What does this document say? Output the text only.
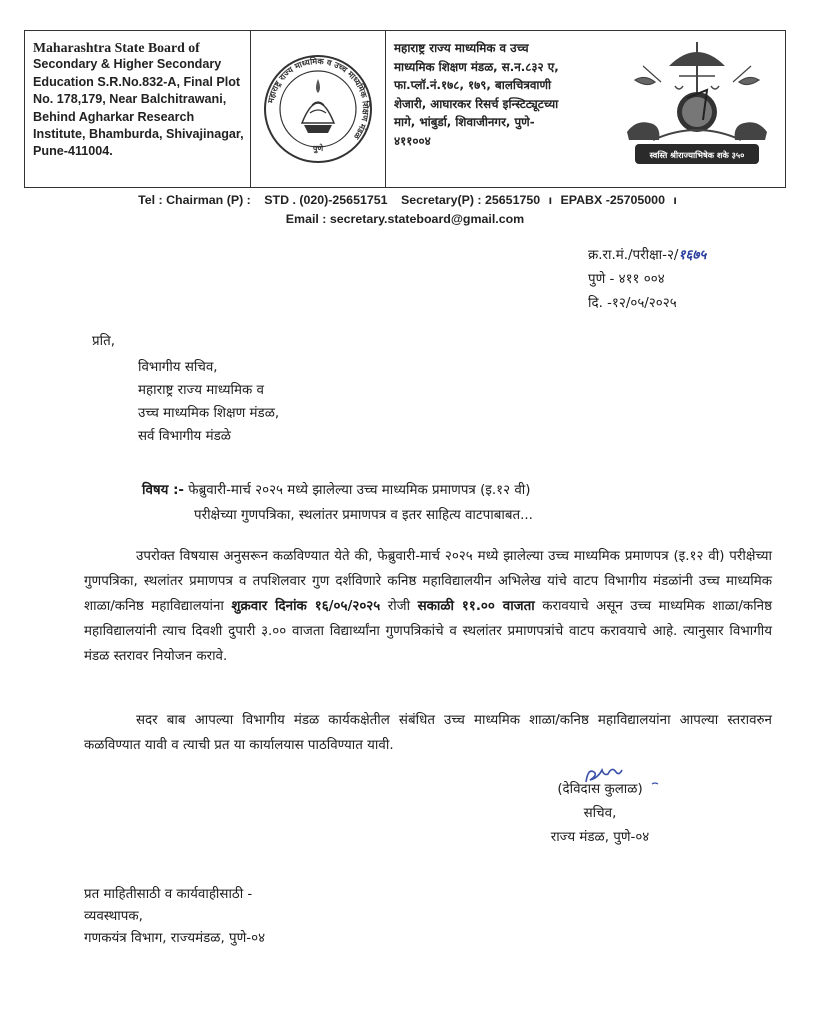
Maharashtra State Board of
Secondary & Higher Secondary
Education S.R.No.832-A, Final Plot
No. 178,179, Near Balchitrawani,
Behind Agharkar Research
Institute, Bhamburda, Shivajinagar,
Pune-411004.
महाराष्ट्र राज्य माध्यमिक व उच्च माध्यमिक शिक्षण मंडळ
पुणे
महाराष्ट्र राज्य माध्यमिक व उच्च
माध्यमिक शिक्षण मंडळ, स.न.८३२ ए,
फा.प्लॉ.नं.१७८, १७९, बालचित्रवाणी
शेजारी, आघारकर रिसर्च इन्स्टिट्यूटच्या
मागे, भांबुर्डा, शिवाजीनगर, पुणे-
४११००४
स्वस्ति श्रीराज्याभिषेक शके ३५०
Tel : Chairman (P) : STD . (020)-25651751 Secretary(P) : 25651750 ı EPABX -25705000 ı
Email : secretary.stateboard@gmail.com
क्र.रा.मं./परीक्षा-२/१६७५
पुणे - ४११ ००४
दि. -१२/०५/२०२५
प्रति,
विभागीय सचिव,
महाराष्ट्र राज्य माध्यमिक व
उच्च माध्यमिक शिक्षण मंडळ,
सर्व विभागीय मंडळे
विषय :- फेब्रुवारी-मार्च २०२५ मध्ये झालेल्या उच्च माध्यमिक प्रमाणपत्र (इ.१२ वी)
परीक्षेच्या गुणपत्रिका, स्थलांतर प्रमाणपत्र व इतर साहित्य वाटपाबाबत...
उपरोक्त विषयास अनुसरून कळविण्यात येते की, फेब्रुवारी-मार्च २०२५ मध्ये झालेल्या उच्च माध्यमिक प्रमाणपत्र (इ.१२ वी) परीक्षेच्या गुणपत्रिका, स्थलांतर प्रमाणपत्र व तपशिलवार गुण दर्शविणारे कनिष्ठ महाविद्यालयीन अभिलेख यांचे वाटप विभागीय मंडळांनी उच्च माध्यमिक शाळा/कनिष्ठ महाविद्यालयांना शुक्रवार दिनांक १६/०५/२०२५ रोजी सकाळी ११.०० वाजता करावयाचे असून उच्च माध्यमिक शाळा/कनिष्ठ महाविद्यालयांनी त्याच दिवशी दुपारी ३.०० वाजता विद्यार्थ्यांना गुणपत्रिकांचे व स्थलांतर प्रमाणपत्रांचे वाटप करावयाचे आहे. त्यानुसार विभागीय मंडळ स्तरावर नियोजन करावे.
सदर बाब आपल्या विभागीय मंडळ कार्यकक्षेतील संबंधित उच्च माध्यमिक शाळा/कनिष्ठ महाविद्यालयांना आपल्या स्तरावरुन कळविण्यात यावी व त्याची प्रत या कार्यालयास पाठविण्यात यावी.
(देविदास कुलाळ)
सचिव,
राज्य मंडळ, पुणे-०४
प्रत माहितीसाठी व कार्यवाहीसाठी -
व्यवस्थापक,
गणकयंत्र विभाग, राज्यमंडळ, पुणे-०४
